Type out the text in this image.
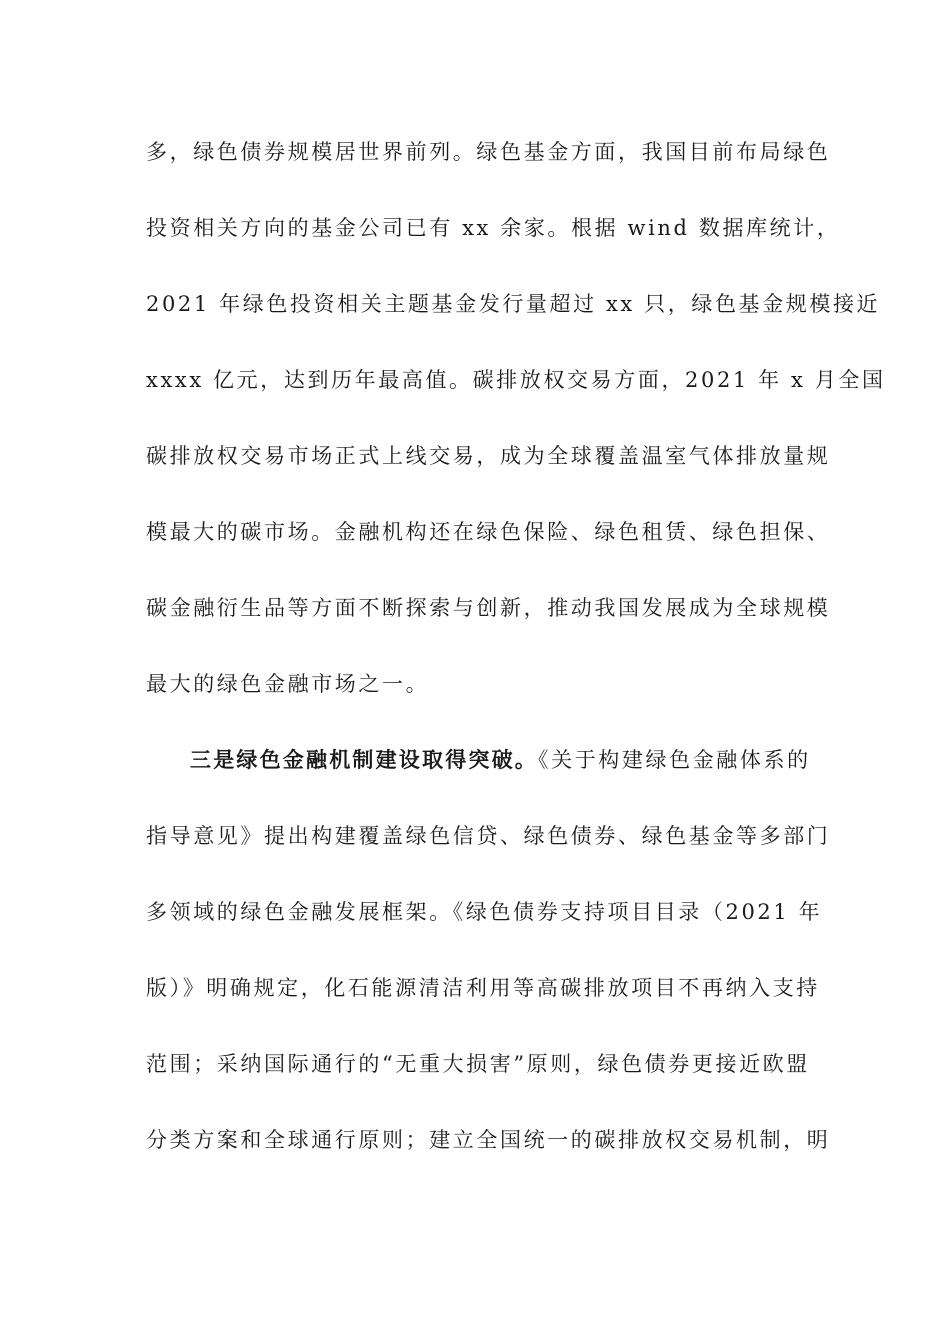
多，绿色债券规模居世界前列。绿色基金方面，我国目前布局绿色
投资相关方向的基金公司已有 xx 余家。根据 wind 数据库统计，
2021 年绿色投资相关主题基金发行量超过 xx 只，绿色基金规模接近
xxxx 亿元，达到历年最高值。碳排放权交易方面，2021 年 x 月全国
碳排放权交易市场正式上线交易，成为全球覆盖温室气体排放量规
模最大的碳市场。金融机构还在绿色保险、绿色租赁、绿色担保、
碳金融衍生品等方面不断探索与创新，推动我国发展成为全球规模
最大的绿色金融市场之一。
三是绿色金融机制建设取得突破。《关于构建绿色金融体系的
指导意见》提出构建覆盖绿色信贷、绿色债券、绿色基金等多部门
多领域的绿色金融发展框架。《绿色债券支持项目目录（2021 年
版）》明确规定，化石能源清洁利用等高碳排放项目不再纳入支持
范围；采纳国际通行的“无重大损害”原则，绿色债券更接近欧盟
分类方案和全球通行原则；建立全国统一的碳排放权交易机制，明
